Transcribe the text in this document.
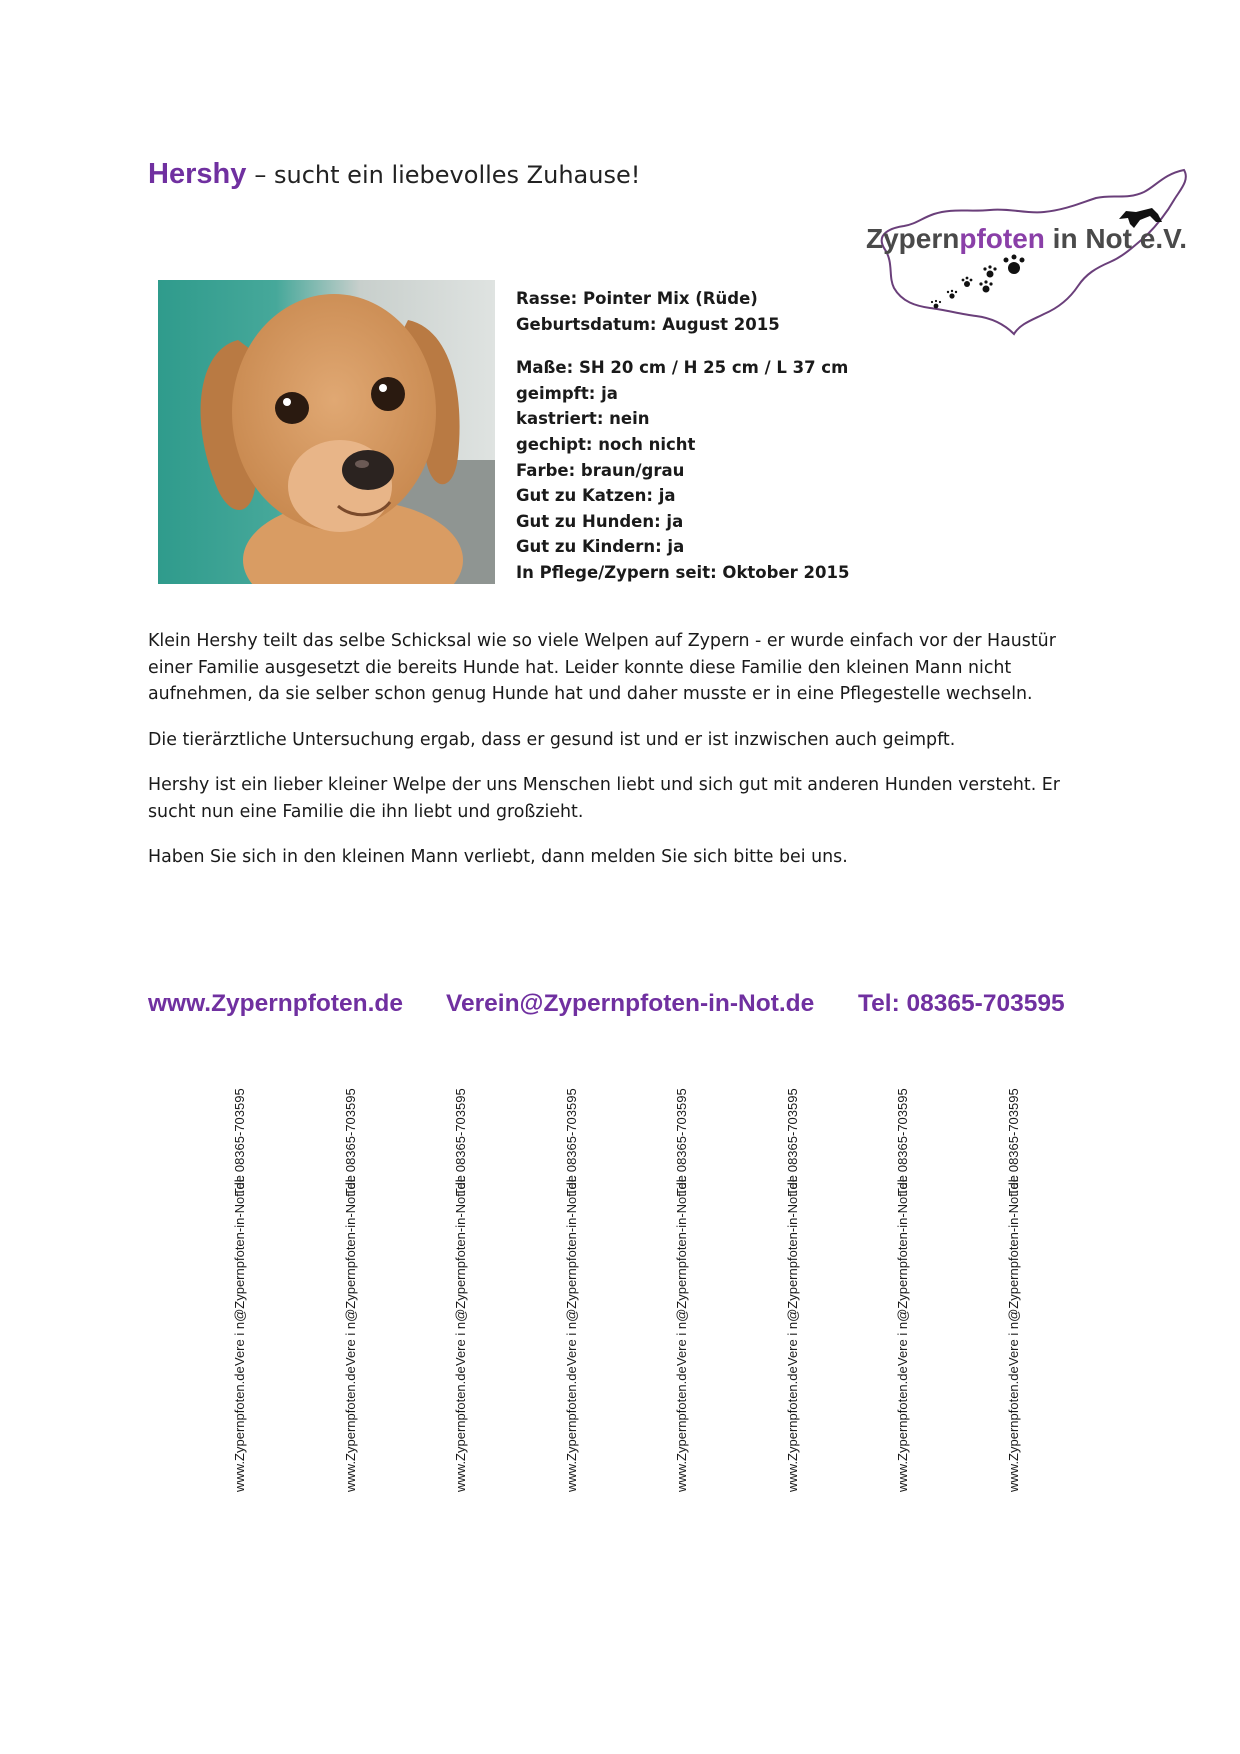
Hershy – sucht ein liebevolles Zuhause!
Zypernpfoten in Not e.V.
Rasse: Pointer Mix (Rüde)
Geburtsdatum: August 2015
Maße: SH 20 cm / H 25 cm / L 37 cm
geimpft: ja
kastriert: nein
gechipt: noch nicht
Farbe: braun/grau
Gut zu Katzen: ja
Gut zu Hunden: ja
Gut zu Kindern: ja
In Pflege/Zypern seit: Oktober 2015

Klein Hershy teilt das selbe Schicksal wie so viele Welpen auf Zypern - er wurde einfach vor der Haustür einer Familie ausgesetzt die bereits Hunde hat. Leider konnte diese Familie den kleinen Mann nicht aufnehmen, da sie selber schon genug Hunde hat und daher musste er in eine Pflegestelle wechseln.

Die tierärztliche Untersuchung ergab, dass er gesund ist und er ist inzwischen auch geimpft.

Hershy ist ein lieber kleiner Welpe der uns Menschen liebt und sich gut mit anderen Hunden versteht. Er sucht nun eine Familie die ihn liebt und großzieht.

Haben Sie sich in den kleinen Mann verliebt, dann melden Sie sich bitte bei uns.

www.Zypernpfoten.de Verein@Zypernpfoten-in-Not.de Tel: 08365-703595
Tel: 08365-703595
Vere i n@Zypernpfoten-in-Not.de
www.Zypernpfoten.de
Tel: 08365-703595
Vere i n@Zypernpfoten-in-Not.de
www.Zypernpfoten.de
Tel: 08365-703595
Vere i n@Zypernpfoten-in-Not.de
www.Zypernpfoten.de
Tel: 08365-703595
Vere i n@Zypernpfoten-in-Not.de
www.Zypernpfoten.de
Tel: 08365-703595
Vere i n@Zypernpfoten-in-Not.de
www.Zypernpfoten.de
Tel: 08365-703595
Vere i n@Zypernpfoten-in-Not.de
www.Zypernpfoten.de
Tel: 08365-703595
Vere i n@Zypernpfoten-in-Not.de
www.Zypernpfoten.de
Tel: 08365-703595
Vere i n@Zypernpfoten-in-Not.de
www.Zypernpfoten.de
